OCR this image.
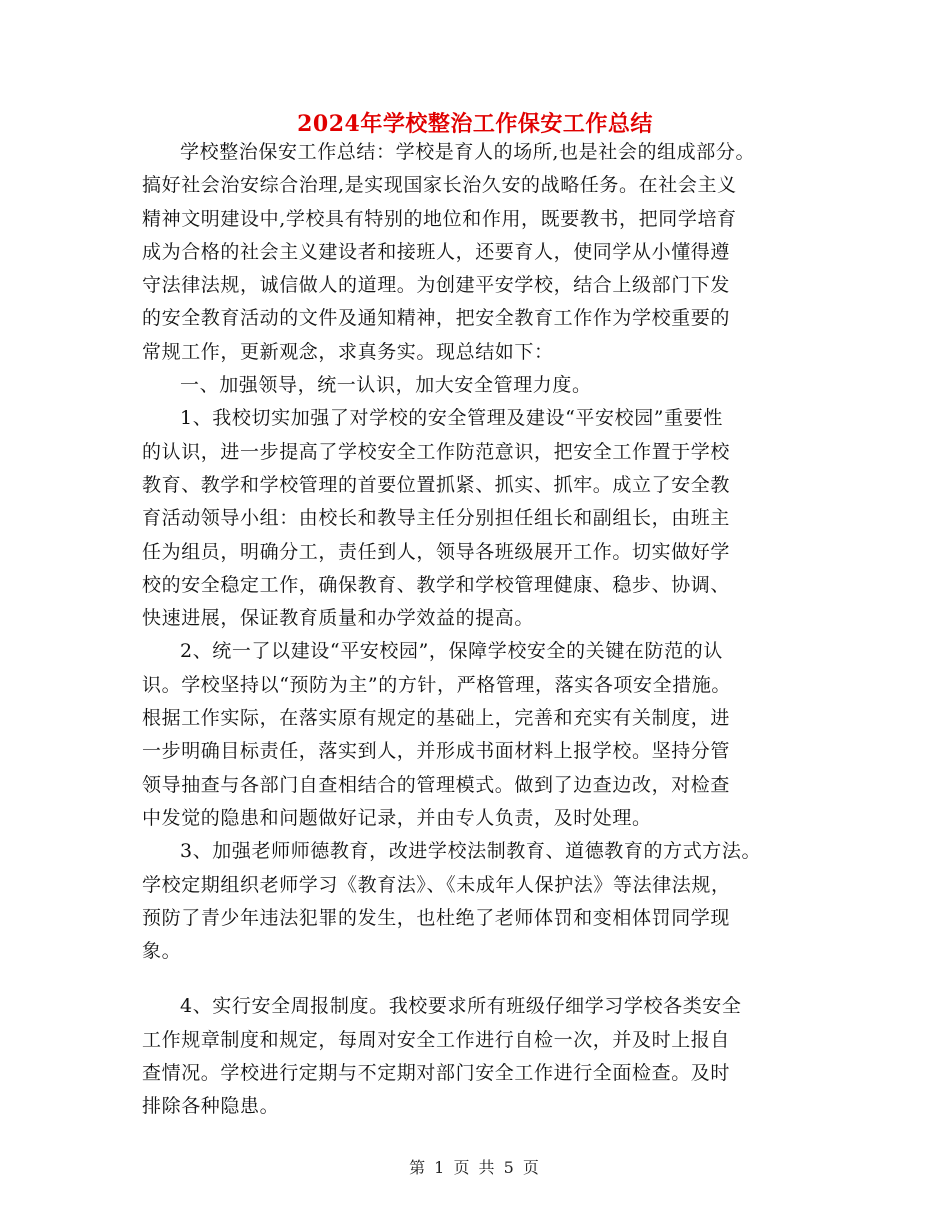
2024年学校整治工作保安工作总结
学校整治保安工作总结：学校是育人的场所,也是社会的组成部分。
搞好社会治安综合治理,是实现国家长治久安的战略任务。在社会主义
精神文明建设中,学校具有特别的地位和作用，既要教书，把同学培育
成为合格的社会主义建设者和接班人，还要育人，使同学从小懂得遵
守法律法规，诚信做人的道理。为创建平安学校，结合上级部门下发
的安全教育活动的文件及通知精神，把安全教育工作作为学校重要的
常规工作，更新观念，求真务实。现总结如下：
一、加强领导，统一认识，加大安全管理力度。
1、我校切实加强了对学校的安全管理及建设“平安校园”重要性
的认识，进一步提高了学校安全工作防范意识，把安全工作置于学校
教育、教学和学校管理的首要位置抓紧、抓实、抓牢。成立了安全教
育活动领导小组：由校长和教导主任分别担任组长和副组长，由班主
任为组员，明确分工，责任到人，领导各班级展开工作。切实做好学
校的安全稳定工作，确保教育、教学和学校管理健康、稳步、协调、
快速进展，保证教育质量和办学效益的提高。
2、统一了以建设“平安校园”，保障学校安全的关键在防范的认
识。学校坚持以“预防为主”的方针，严格管理，落实各项安全措施。
根据工作实际，在落实原有规定的基础上，完善和充实有关制度，进
一步明确目标责任，落实到人，并形成书面材料上报学校。坚持分管
领导抽查与各部门自查相结合的管理模式。做到了边查边改，对检查
中发觉的隐患和问题做好记录，并由专人负责，及时处理。
3、加强老师师德教育，改进学校法制教育、道德教育的方式方法。
学校定期组织老师学习《教育法》、《未成年人保护法》等法律法规，
预防了青少年违法犯罪的发生，也杜绝了老师体罚和变相体罚同学现
象。
4、实行安全周报制度。我校要求所有班级仔细学习学校各类安全
工作规章制度和规定，每周对安全工作进行自检一次，并及时上报自
查情况。学校进行定期与不定期对部门安全工作进行全面检查。及时
排除各种隐患。
第 1 页 共 5 页
